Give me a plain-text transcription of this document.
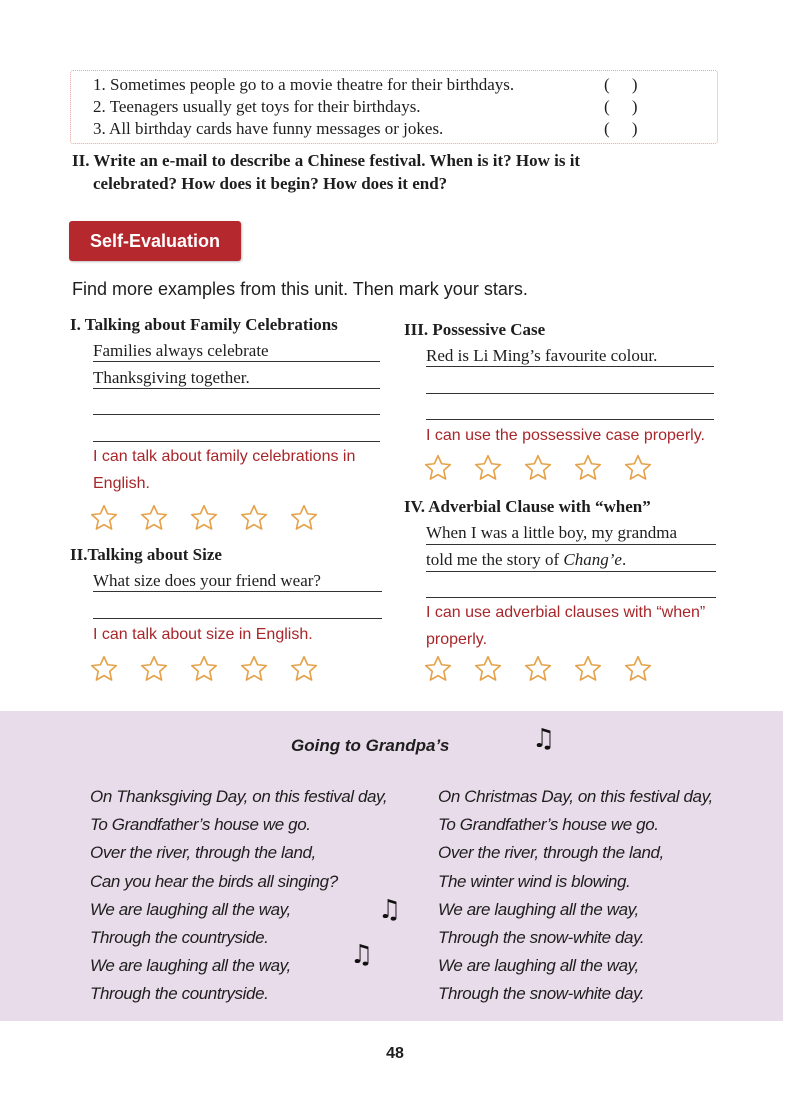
1. Sometimes people go to a movie theatre for their birthdays.	( )
2. Teenagers usually get toys for their birthdays.	( )
3. All birthday cards have funny messages or jokes.	( )
II. Write an e-mail to describe a Chinese festival. When is it? How is it
celebrated? How does it begin? How does it end?
Self-Evaluation
Find more examples from this unit. Then mark your stars.
I. Talking about Family Celebrations
Families always celebrate
Thanksgiving together.
I can talk about family celebrations in
English.
II.Talking about Size
What size does your friend wear?
I can talk about size in English.
III. Possessive Case
Red is Li Ming’s favourite colour.
I can use the possessive case properly.
IV. Adverbial Clause with “when”
When I was a little boy, my grandma
told me the story of Chang’e.
I can use adverbial clauses with “when”
properly.
Going to Grandpa’s	♫
♫
♫
On Thanksgiving Day, on this festival day,
To Grandfather’s house we go.
Over the river, through the land,
Can you hear the birds all singing?
We are laughing all the way,
Through the countryside.
We are laughing all the way,
Through the countryside.
On Christmas Day, on this festival day,
To Grandfather’s house we go.
Over the river, through the land,
The winter wind is blowing.
We are laughing all the way,
Through the snow-white day.
We are laughing all the way,
Through the snow-white day.
48
